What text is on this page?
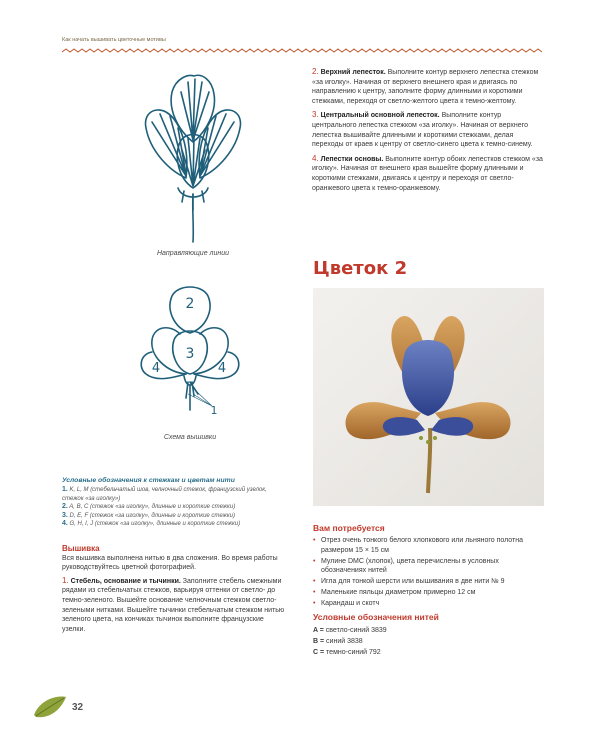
Как начать вышивать цветочные мотивы
Направляющие линии
2
3
4	4
1
Схема вышивки
Условные обозначения к стежкам и цветам нити
1. K, L, M (стебельчатый шов, челночный стежок, французский узелок, стежок «за иголку»)
2. A, B, C (стежок «за иголку», длинные и короткие стежки)
3. D, E, F (стежок «за иголку», длинные и короткие стежки)
4. G, H, I, J (стежок «за иголку», длинные и короткие стежки)
Вышивка

Вся вышивка выполнена нитью в два сложения. Во время работы руководствуйтесь цветной фотографией.

1. Стебель, основание и тычинки. Заполните стебель смежными рядами из стебельчатых стежков, варьируя оттенки от светло- до темно-зеленого. Вышейте основание челночным стежком светло-зелеными нитками. Вышейте тычинки стебельчатым стежком нитью зеленого цвета, на кончиках тычинок выполните французские узелки.

2. Верхний лепесток. Выполните контур верхнего лепестка стежком «за иголку». Начиная от верхнего внешнего края и двигаясь по направлению к центру, заполните форму длинными и короткими стежками, переходя от светло-желтого цвета к темно-желтому.

3. Центральный основной лепесток. Выполните контур центрального лепестка стежком «за иголку». Начиная от верхнего лепестка вышивайте длинными и короткими стежками, делая переходы от краев к центру от светло-синего цвета к темно-синему.

4. Лепестки основы. Выполните контур обоих лепестков стежком «за иголку». Начиная от внешнего края вышейте форму длинными и короткими стежками, двигаясь к центру и переходя от светло-оранжевого цвета к темно-оранжевому.

Цветок 2
Вам потребуется
• Отрез очень тонкого белого хлопкового или льняного полотна размером 15 × 15 см
• Мулине DMC (хлопок), цвета перечислены в условных обозначениях нитей
• Игла для тонкой шерсти или вышивания в две нити № 9
• Маленькие пяльцы диаметром примерно 12 см
• Карандаш и скотч
Условные обозначения нитей
A = светло-синий 3839
B = синий 3838
C = темно-синий 792
32
